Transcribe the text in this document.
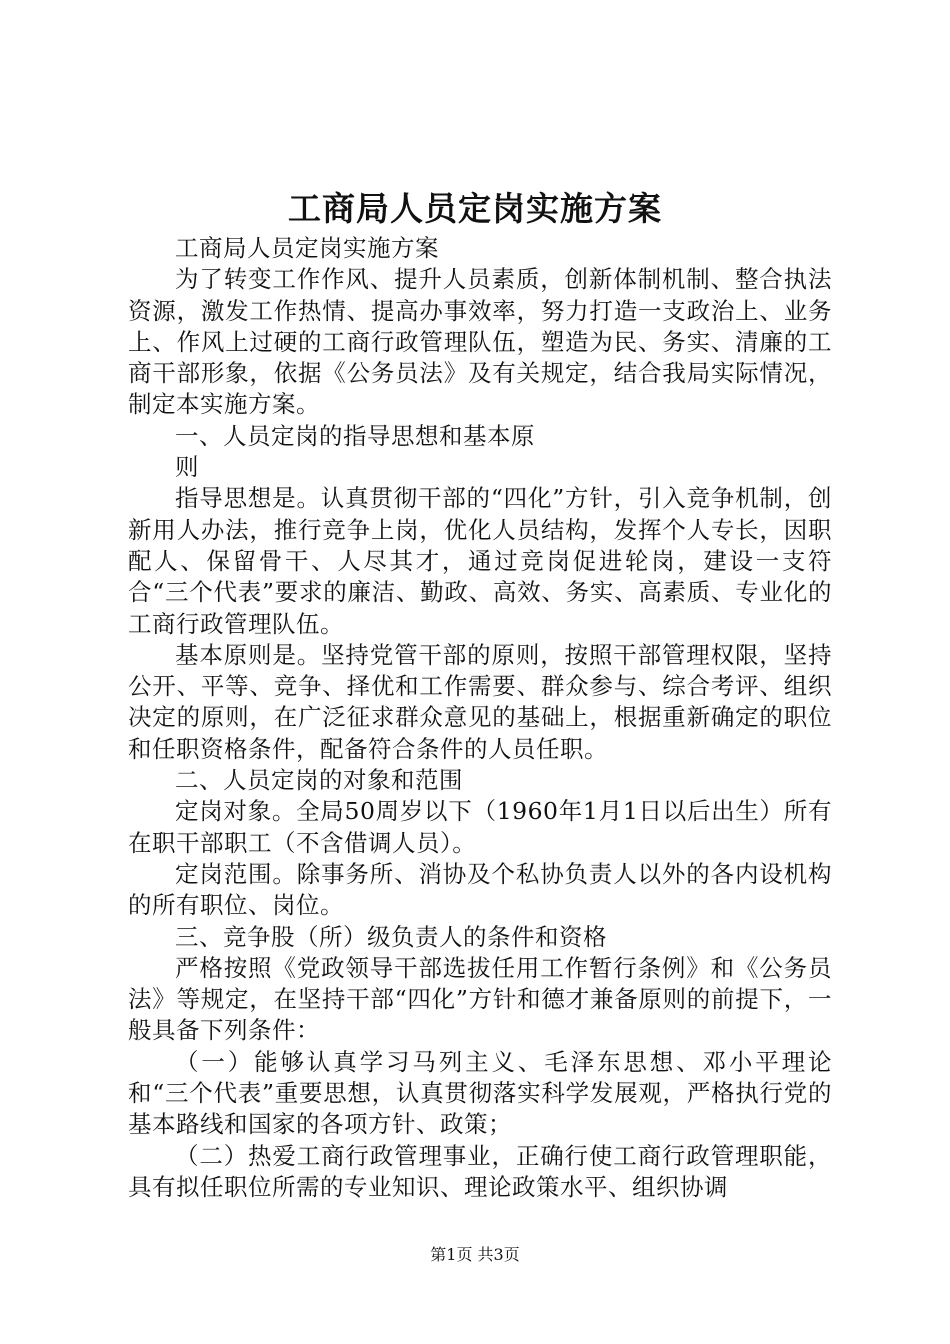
工商局人员定岗实施方案

工商局人员定岗实施方案

为了转变工作作风、提升人员素质，创新体制机制、整合执法资源，激发工作热情、提高办事效率，努力打造一支政治上、业务上、作风上过硬的工商行政管理队伍，塑造为民、务实、清廉的工商干部形象，依据《公务员法》及有关规定，结合我局实际情况，制定本实施方案。

一、人员定岗的指导思想和基本原

则

指导思想是。认真贯彻干部的“四化”方针，引入竞争机制，创新用人办法，推行竞争上岗，优化人员结构，发挥个人专长，因职配人、保留骨干、人尽其才，通过竞岗促进轮岗，建设一支符合“三个代表”要求的廉洁、勤政、高效、务实、高素质、专业化的工商行政管理队伍。

基本原则是。坚持党管干部的原则，按照干部管理权限，坚持公开、平等、竞争、择优和工作需要、群众参与、综合考评、组织决定的原则，在广泛征求群众意见的基础上，根据重新确定的职位和任职资格条件，配备符合条件的人员任职。

二、人员定岗的对象和范围

定岗对象。全局50周岁以下（1960年1月1日以后出生）所有在职干部职工（不含借调人员）。

定岗范围。除事务所、消协及个私协负责人以外的各内设机构的所有职位、岗位。

三、竞争股（所）级负责人的条件和资格

严格按照《党政领导干部选拔任用工作暂行条例》和《公务员法》等规定，在坚持干部“四化”方针和德才兼备原则的前提下，一般具备下列条件：

（一）能够认真学习马列主义、毛泽东思想、邓小平理论和“三个代表”重要思想，认真贯彻落实科学发展观，严格执行党的基本路线和国家的各项方针、政策；

（二）热爱工商行政管理事业，正确行使工商行政管理职能，具有拟任职位所需的专业知识、理论政策水平、组织协调

第1页 共3页
